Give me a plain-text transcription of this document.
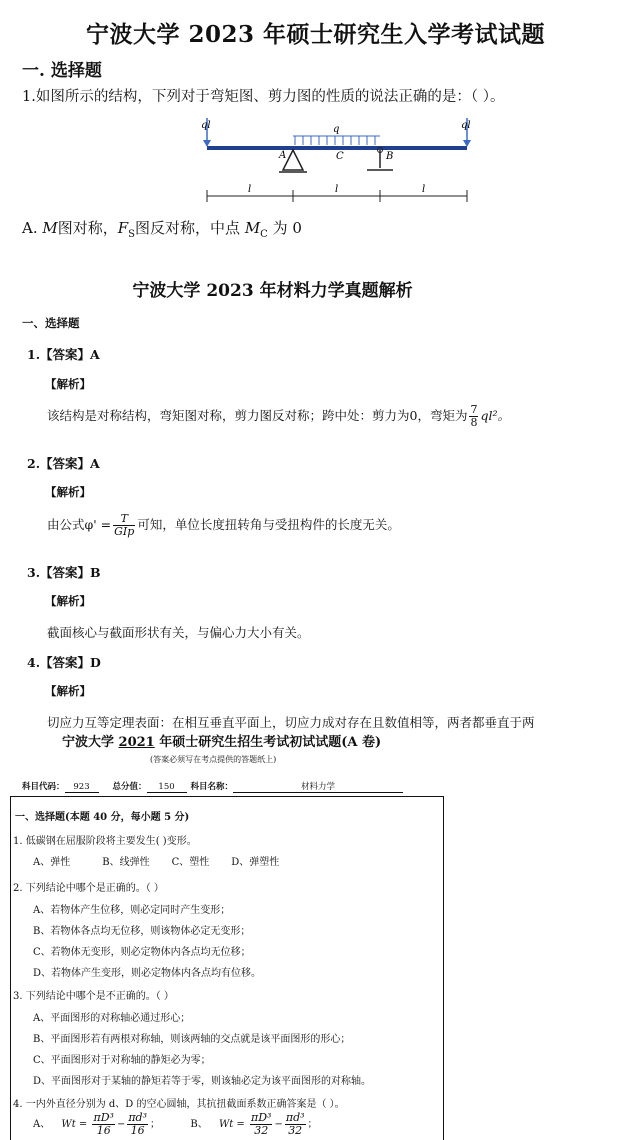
宁波大学 2023 年硕士研究生入学考试试题
一. 选择题
1.如图所示的结构，下列对于弯矩图、剪力图的性质的说法正确的是：（ ）。
ql	ql
q
A	B
C
l	l	l
A. M图对称，$F_S$图反对称，中点 $M_C$ 为 0
宁波大学 2023 年材料力学真题解析
一、选择题
1.【答案】A
【解析】
该结构是对称结构，弯矩图对称，剪力图反对称；跨中处：剪力为0，弯矩为 $\frac{7}{8} ql^2$。
2.【答案】A
【解析】
由公式$\varphi' = \frac{T}{\text{GIp}}$ 可知，单位长度扭转角与受扭构件的长度无关。
3.【答案】B
【解析】
截面核心与截面形状有关，与偏心力大小有关。
4.【答案】D
【解析】
切应力互等定理表面：在相互垂直平面上，切应力成对存在且数值相等，两者都垂直于两
宁波大学 2021 年硕士研究生招生考试初试试题(A 卷)
(答案必须写在考点提供的答题纸上)
科目代码： 923	总分值： 150 科目名称：	材料力学
一、选择题(本题 40 分，每小题 5 分)
1. 低碳钢在屈服阶段将主要发生( )变形。
A、弹性	B、线弹性 C、塑性 D、弹塑性
2. 下列结论中哪个是正确的。（ ）
A、若物体产生位移，则必定同时产生变形；
B、若物体各点均无位移，则该物体必定无变形；
C、若物体无变形，则必定物体内各点均无位移；
D、若物体产生变形，则必定物体内各点均有位移。
3. 下列结论中哪个是不正确的。（ ）
A、平面图形的对称轴必通过形心；
B、平面图形若有两根对称轴，则该两轴的交点就是该平面图形的形心；
C、平面图形对于对称轴的静矩必为零；
D、平面图形对于某轴的静矩若等于零，则该轴必定为该平面图形的对称轴。
4. 一内外直径分别为 d、D 的空心圆轴，其抗扭截面系数正确答案是（ ）。
A、 $Wt = \frac{\text{πD³}}{16} - \frac{\text{πd³}}{16}$ ；	B、 $Wt = \frac{\text{πD³}}{32} - \frac{\text{πd³}}{32}$ ；
